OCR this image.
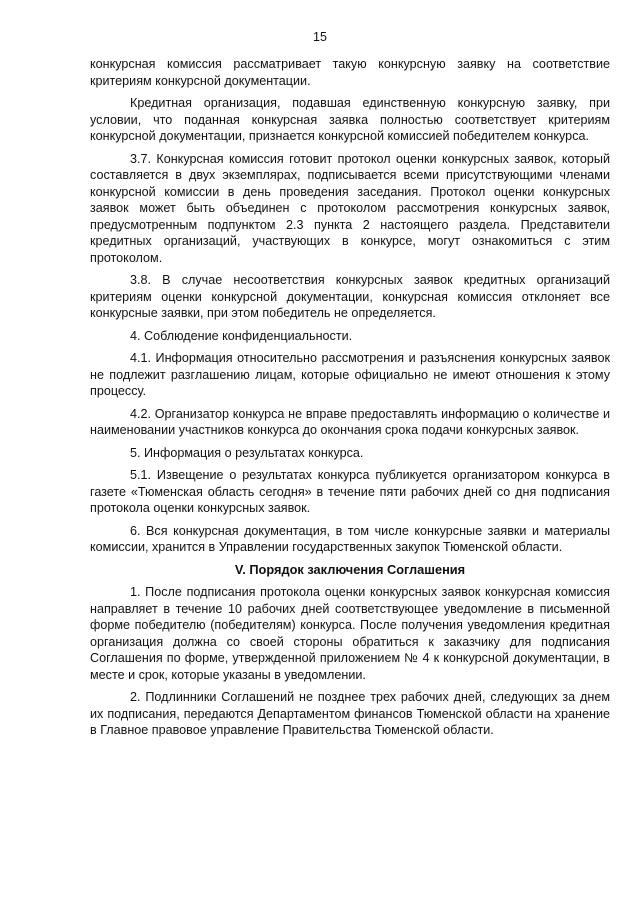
15

конкурсная комиссия рассматривает такую конкурсную заявку на соответствие критериям конкурсной документации.

Кредитная организация, подавшая единственную конкурсную заявку, при условии, что поданная конкурсная заявка полностью соответствует критериям конкурсной документации, признается конкурсной комиссией победителем конкурса.

3.7. Конкурсная комиссия готовит протокол оценки конкурсных заявок, который составляется в двух экземплярах, подписывается всеми присутствующими членами конкурсной комиссии в день проведения заседания. Протокол оценки конкурсных заявок может быть объединен с протоколом рассмотрения конкурсных заявок, предусмотренным подпунктом 2.3 пункта 2 настоящего раздела. Представители кредитных организаций, участвующих в конкурсе, могут ознакомиться с этим протоколом.

3.8. В случае несоответствия конкурсных заявок кредитных организаций критериям оценки конкурсной документации, конкурсная комиссия отклоняет все конкурсные заявки, при этом победитель не определяется.

4. Соблюдение конфиденциальности.

4.1. Информация относительно рассмотрения и разъяснения конкурсных заявок не подлежит разглашению лицам, которые официально не имеют отношения к этому процессу.

4.2. Организатор конкурса не вправе предоставлять информацию о количестве и наименовании участников конкурса до окончания срока подачи конкурсных заявок.

5. Информация о результатах конкурса.

5.1. Извещение о результатах конкурса публикуется организатором конкурса в газете «Тюменская область сегодня» в течение пяти рабочих дней со дня подписания протокола оценки конкурсных заявок.

6. Вся конкурсная документация, в том числе конкурсные заявки и материалы комиссии, хранится в Управлении государственных закупок Тюменской области.

V. Порядок заключения Соглашения

1. После подписания протокола оценки конкурсных заявок конкурсная комиссия направляет в течение 10 рабочих дней соответствующее уведомление в письменной форме победителю (победителям) конкурса. После получения уведомления кредитная организация должна со своей стороны обратиться к заказчику для подписания Соглашения по форме, утвержденной приложением № 4 к конкурсной документации, в месте и срок, которые указаны в уведомлении.

2. Подлинники Соглашений не позднее трех рабочих дней, следующих за днем их подписания, передаются Департаментом финансов Тюменской области на хранение в Главное правовое управление Правительства Тюменской области.
